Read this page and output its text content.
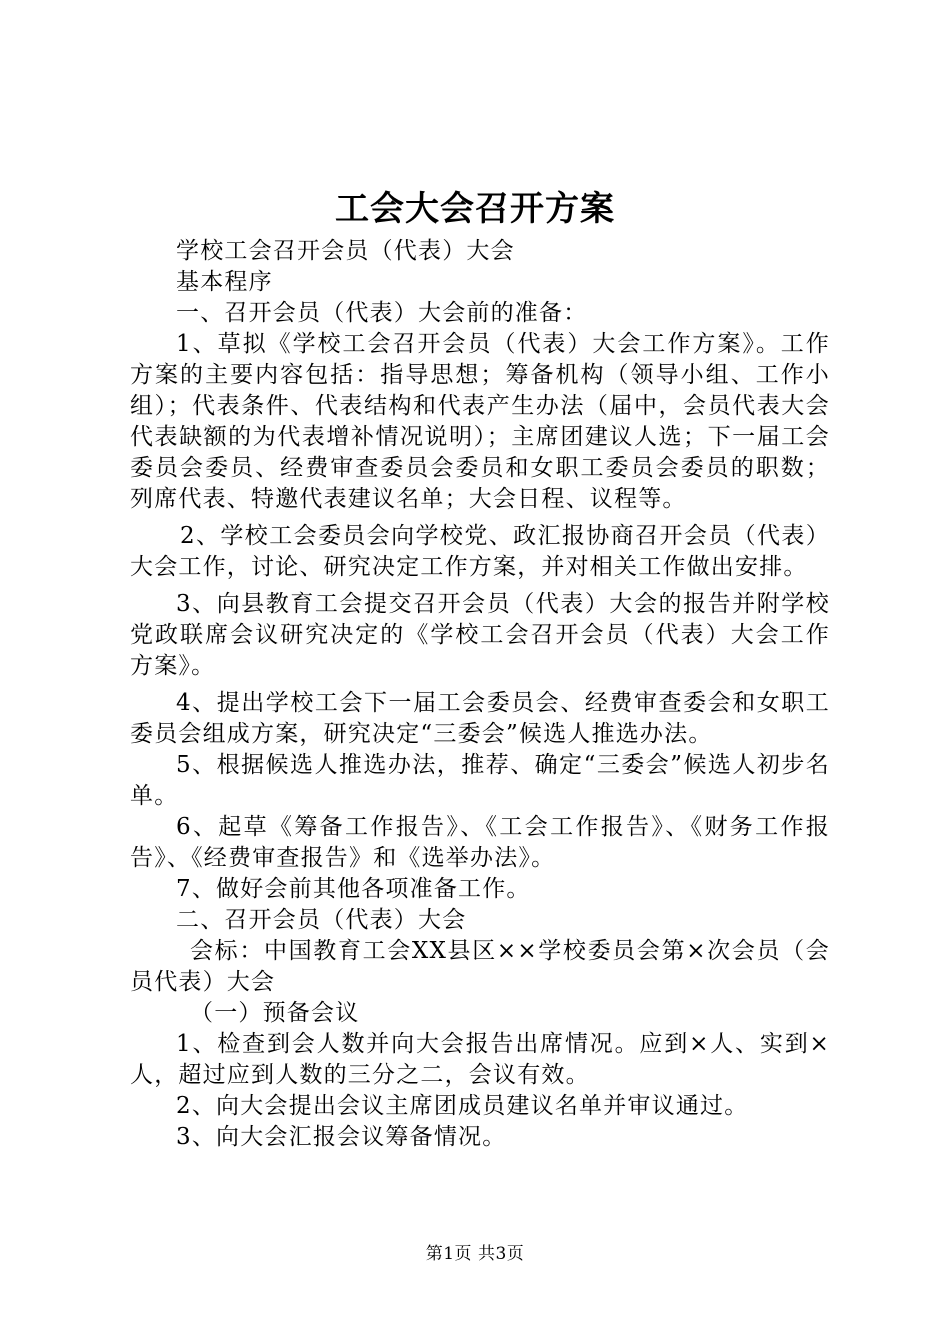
工会大会召开方案

学校工会召开会员（代表）大会

基本程序

一、召开会员（代表）大会前的准备：

1、草拟《学校工会召开会员（代表）大会工作方案》。工作方案的主要内容包括：指导思想；筹备机构（领导小组、工作小组）；代表条件、代表结构和代表产生办法（届中，会员代表大会代表缺额的为代表增补情况说明）；主席团建议人选；下一届工会委员会委员、经费审查委员会委员和女职工委员会委员的职数；列席代表、特邀代表建议名单；大会日程、议程等。

2、学校工会委员会向学校党、政汇报协商召开会员（代表）大会工作，讨论、研究决定工作方案，并对相关工作做出安排。

3、向县教育工会提交召开会员（代表）大会的报告并附学校党政联席会议研究决定的《学校工会召开会员（代表）大会工作方案》。

4、提出学校工会下一届工会委员会、经费审查委会和女职工委员会组成方案，研究决定“三委会”候选人推选办法。

5、根据候选人推选办法，推荐、确定“三委会”候选人初步名单。

6、起草《筹备工作报告》、《工会工作报告》、《财务工作报告》、《经费审查报告》和《选举办法》。

7、做好会前其他各项准备工作。

二、召开会员（代表）大会

会标：中国教育工会XX县区××学校委员会第×次会员（会员代表）大会

（一）预备会议

1、检查到会人数并向大会报告出席情况。应到×人、实到×人，超过应到人数的三分之二，会议有效。

2、向大会提出会议主席团成员建议名单并审议通过。

3、向大会汇报会议筹备情况。

第1页 共3页
